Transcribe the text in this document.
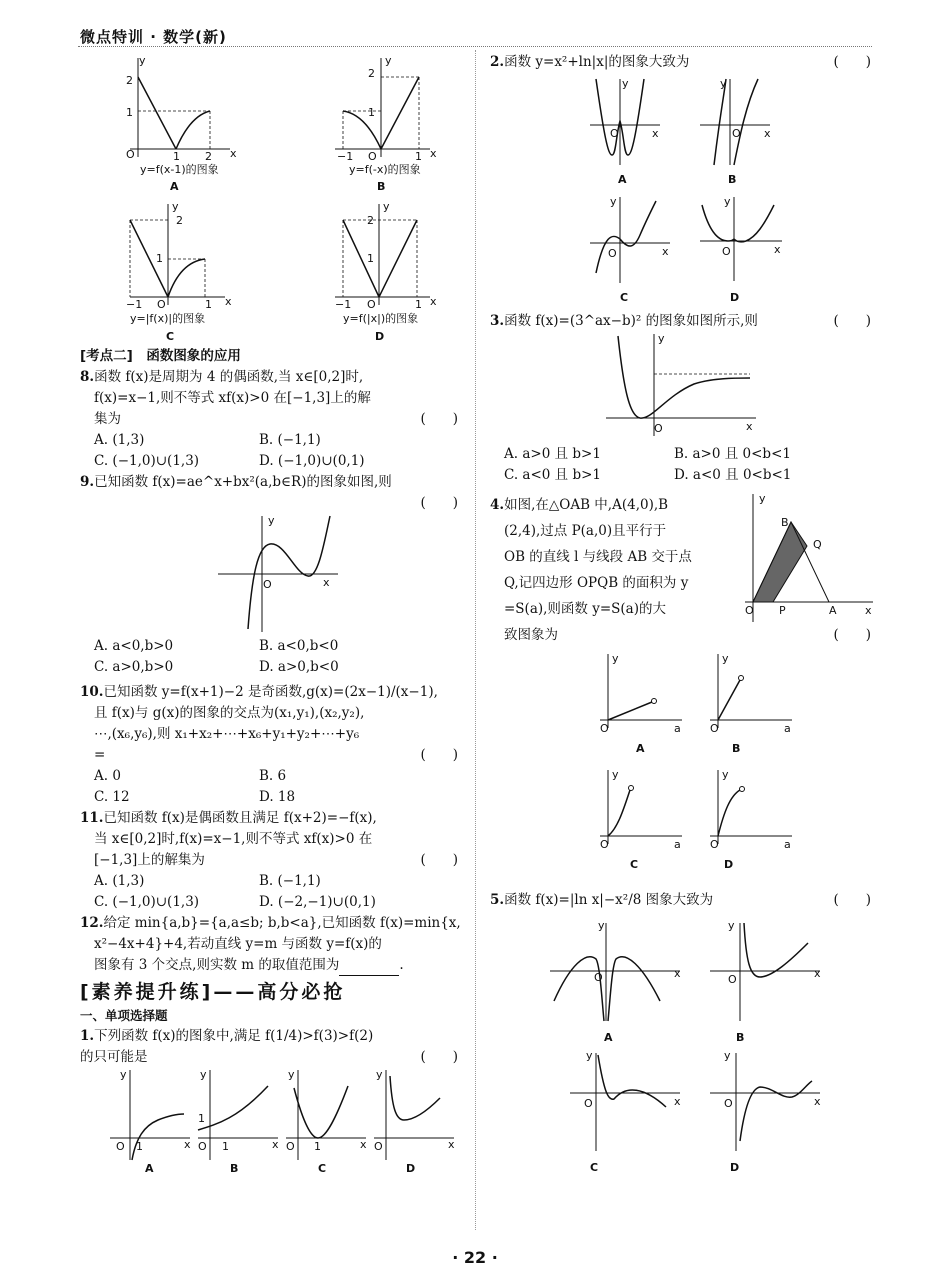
微点特训 · 数学(新)
y
x
2
1
O	1 2
y=f(x-1)的图象
A
y
x
2
1
−1 O	1
y=f(-x)的图象
B
y
x
2
1
−1 O	1
y=|f(x)|的图象
C
y
x
2
1
−1 O	1
y=f(|x|)的图象
D
[考点二]　函数图象的应用
8.函数 f(x)是周期为 4 的偶函数,当 x∈[0,2]时,
f(x)=x−1,则不等式 xf(x)>0 在[−1,3]上的解
集为	(　　)
A. (1,3)	B. (−1,1)
C. (−1,0)∪(1,3)	D. (−1,0)∪(0,1)
9.已知函数 f(x)=ae^x+bx²(a,b∈R)的图象如图,则
(　　)
y
x
O
A. a<0,b>0	B. a<0,b<0
C. a>0,b>0	D. a>0,b<0
10.已知函数 y=f(x+1)−2 是奇函数,g(x)=(2x−1)/(x−1),
且 f(x)与 g(x)的图象的交点为(x₁,y₁),(x₂,y₂),
⋯,(x₆,y₆),则 x₁+x₂+⋯+x₆+y₁+y₂+⋯+y₆
=	(　　)
A. 0	B. 6
C. 12	D. 18
11.已知函数 f(x)是偶函数且满足 f(x+2)=−f(x),
当 x∈[0,2]时,f(x)=x−1,则不等式 xf(x)>0 在
[−1,3]上的解集为	(　　)
A. (1,3)	B. (−1,1)
C. (−1,0)∪(1,3)	D. (−2,−1)∪(0,1)
12.给定 min{a,b}={a,a≤b; b,b<a},已知函数 f(x)=min{x,
x²−4x+4}+4,若动直线 y=m 与函数 y=f(x)的
图象有 3 个交点,则实数 m 的取值范围为	.
[素养提升练]——高分必抢
一、单项选择题
1.下列函数 f(x)的图象中,满足 f(1/4)>f(3)>f(2)
的只可能是	(　　)
y
x
O 1
A
y
x
O 1
1
B
y
x
O 1
C
y
x
O
D
2.函数 y=x²+ln|x|的图象大致为	(　　)
y
x
O
A
y
x
O
B
y
x
O
C
y
x
O
D
3.函数 f(x)=(3^ax−b)² 的图象如图所示,则	(　　)
y
x
O
A. a>0 且 b>1	B. a>0 且 0<b<1
C. a<0 且 b>1	D. a<0 且 0<b<1
y
x
O P	A
B
Q
4.如图,在△OAB 中,A(4,0),B
(2,4),过点 P(a,0)且平行于
OB 的直线 l 与线段 AB 交于点
Q,记四边形 OPQB 的面积为 y
=S(a),则函数 y=S(a)的大
致图象为	(　　)
y
a
O
A
y
a
O
B
y
a
O
C
y
a
O
D
5.函数 f(x)=|ln x|−x²/8 图象大致为	(　　)
y
x
O
A
y
x
O
B
y
x
O
C
y
x
O
D
· 22 ·
